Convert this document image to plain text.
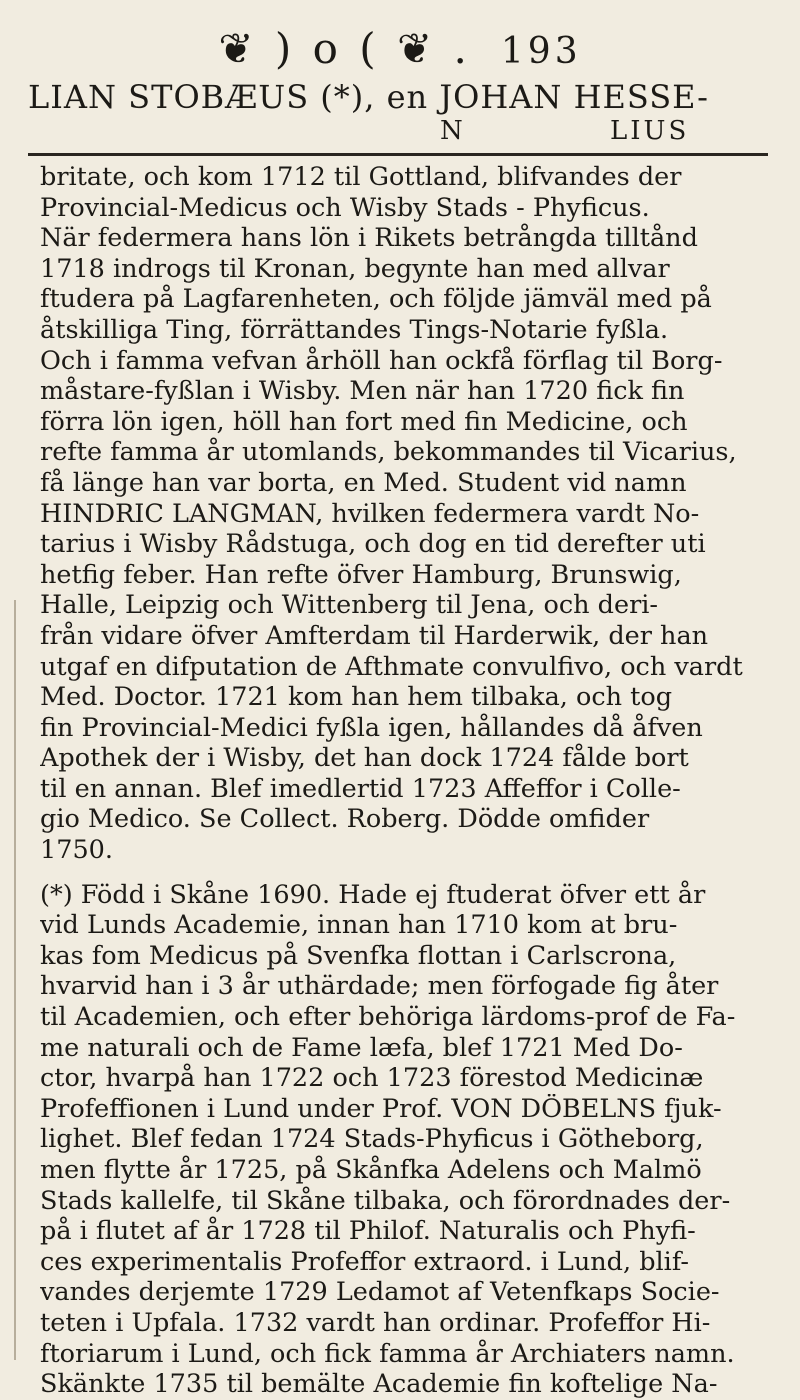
❦ ) o ( ❦ . 193
LIAN STOBÆUS (*), en JOHAN HESSE-
N	LIUS

britate, och kom 1712 til Gottland, blifvandes der
Provincial-Medicus och Wisby Stads - Phyficus.
När federmera hans lön i Rikets betrångda tilltånd
1718 indrogs til Kronan, begynte han med allvar
ftudera på Lagfarenheten, och följde jämväl med på
åtskilliga Ting, förrättandes Tings-Notarie fyßla.
Och i famma vefvan århöll han ockfå förflag til Borg-
måstare-fyßlan i Wisby. Men när han 1720 fick fin
förra lön igen, höll han fort med fin Medicine, och
refte famma år utomlands, bekommandes til Vicarius,
få länge han var borta, en Med. Student vid namn
HINDRIC LANGMAN, hvilken federmera vardt No-
tarius i Wisby Rådstuga, och dog en tid derefter uti
hetfig feber. Han refte öfver Hamburg, Brunswig,
Halle, Leipzig och Wittenberg til Jena, och deri-
från vidare öfver Amfterdam til Harderwik, der han
utgaf en difputation de Afthmate convulfivo, och vardt
Med. Doctor. 1721 kom han hem tilbaka, och tog
fin Provincial-Medici fyßla igen, hållandes då åfven
Apothek der i Wisby, det han dock 1724 fålde bort
til en annan. Blef imedlertid 1723 Affeffor i Colle-
gio Medico. Se Collect. Roberg. Dödde omfider
1750.

(*) Född i Skåne 1690. Hade ej ftuderat öfver ett år
vid Lunds Academie, innan han 1710 kom at bru-
kas fom Medicus på Svenfka flottan i Carlscrona,
hvarvid han i 3 år uthärdade; men förfogade fig åter
til Academien, och efter behöriga lärdoms-prof de Fa-
me naturali och de Fame læfa, blef 1721 Med Do-
ctor, hvarpå han 1722 och 1723 förestod Medicinæ
Profeffionen i Lund under Prof. VON DÖBELNS fjuk-
lighet. Blef fedan 1724 Stads-Phyficus i Götheborg,
men flytte år 1725, på Skånfka Adelens och Malmö
Stads kallelfe, til Skåne tilbaka, och förordnades der-
på i flutet af år 1728 til Philof. Naturalis och Phyfi-
ces experimentalis Profeffor extraord. i Lund, blif-
vandes derjemte 1729 Ledamot af Vetenfkaps Socie-
teten i Upfala. 1732 vardt han ordinar. Profeffor Hi-
ftoriarum i Lund, och fick famma år Archiaters namn.
Skänkte 1735 til bemälte Academie fin koftelige Na-
